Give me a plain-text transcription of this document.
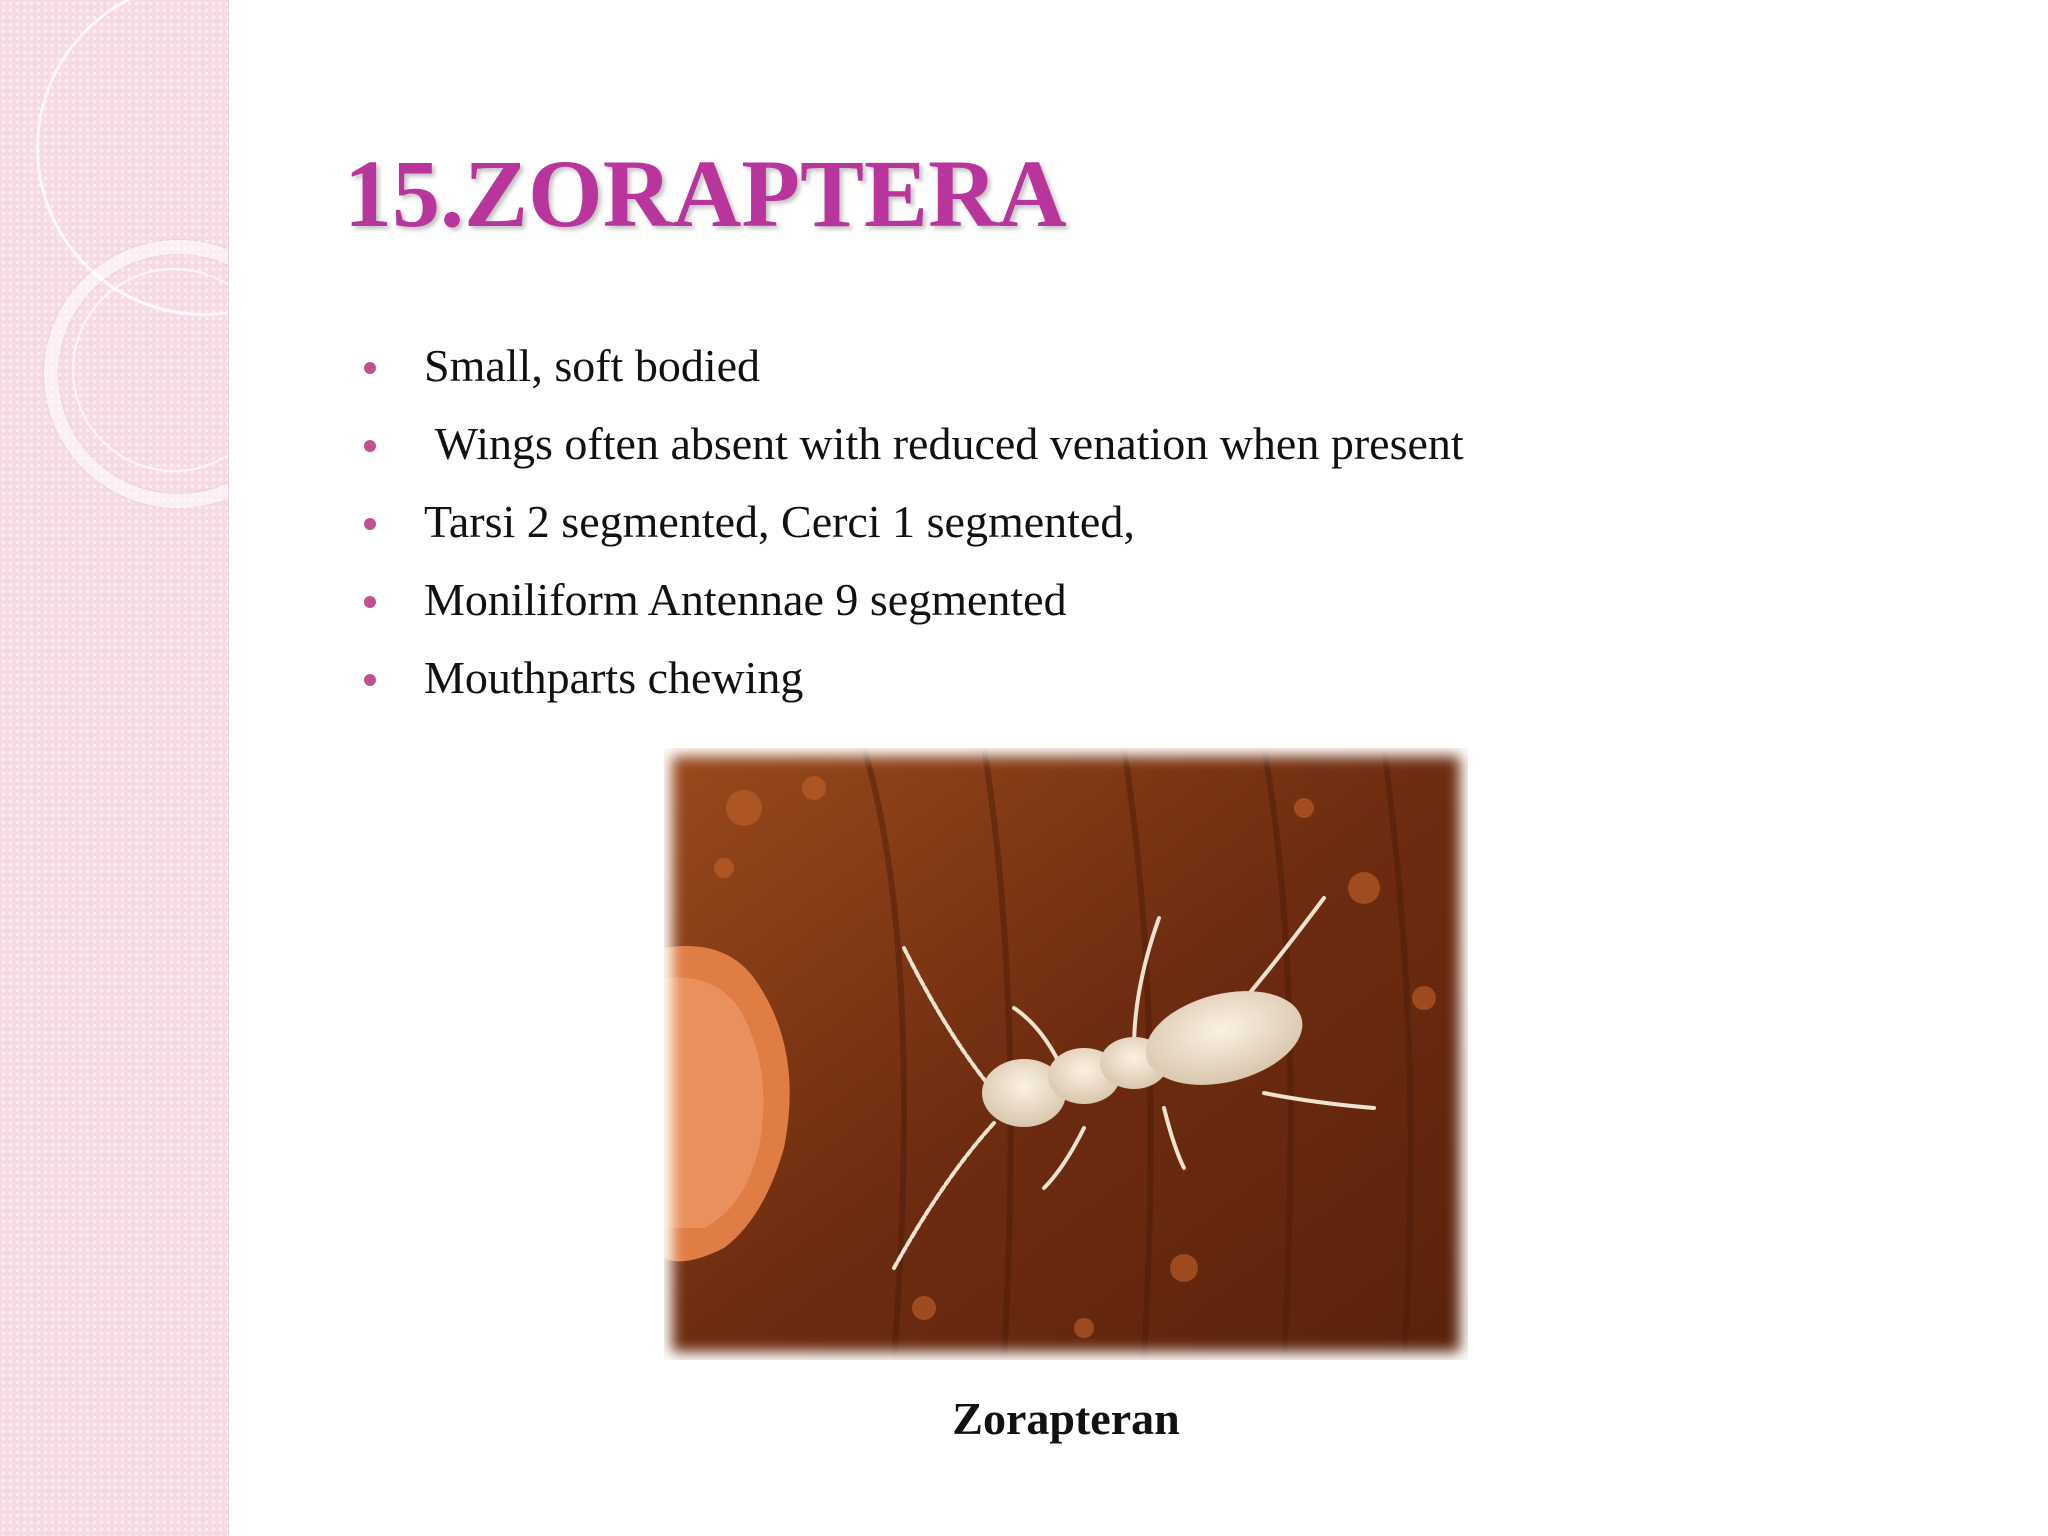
15.ZORAPTERA
Small, soft bodied
Wings often absent with reduced venation when present
Tarsi 2 segmented, Cerci 1 segmented,
Moniliform Antennae 9 segmented
Mouthparts chewing
Zorapteran
